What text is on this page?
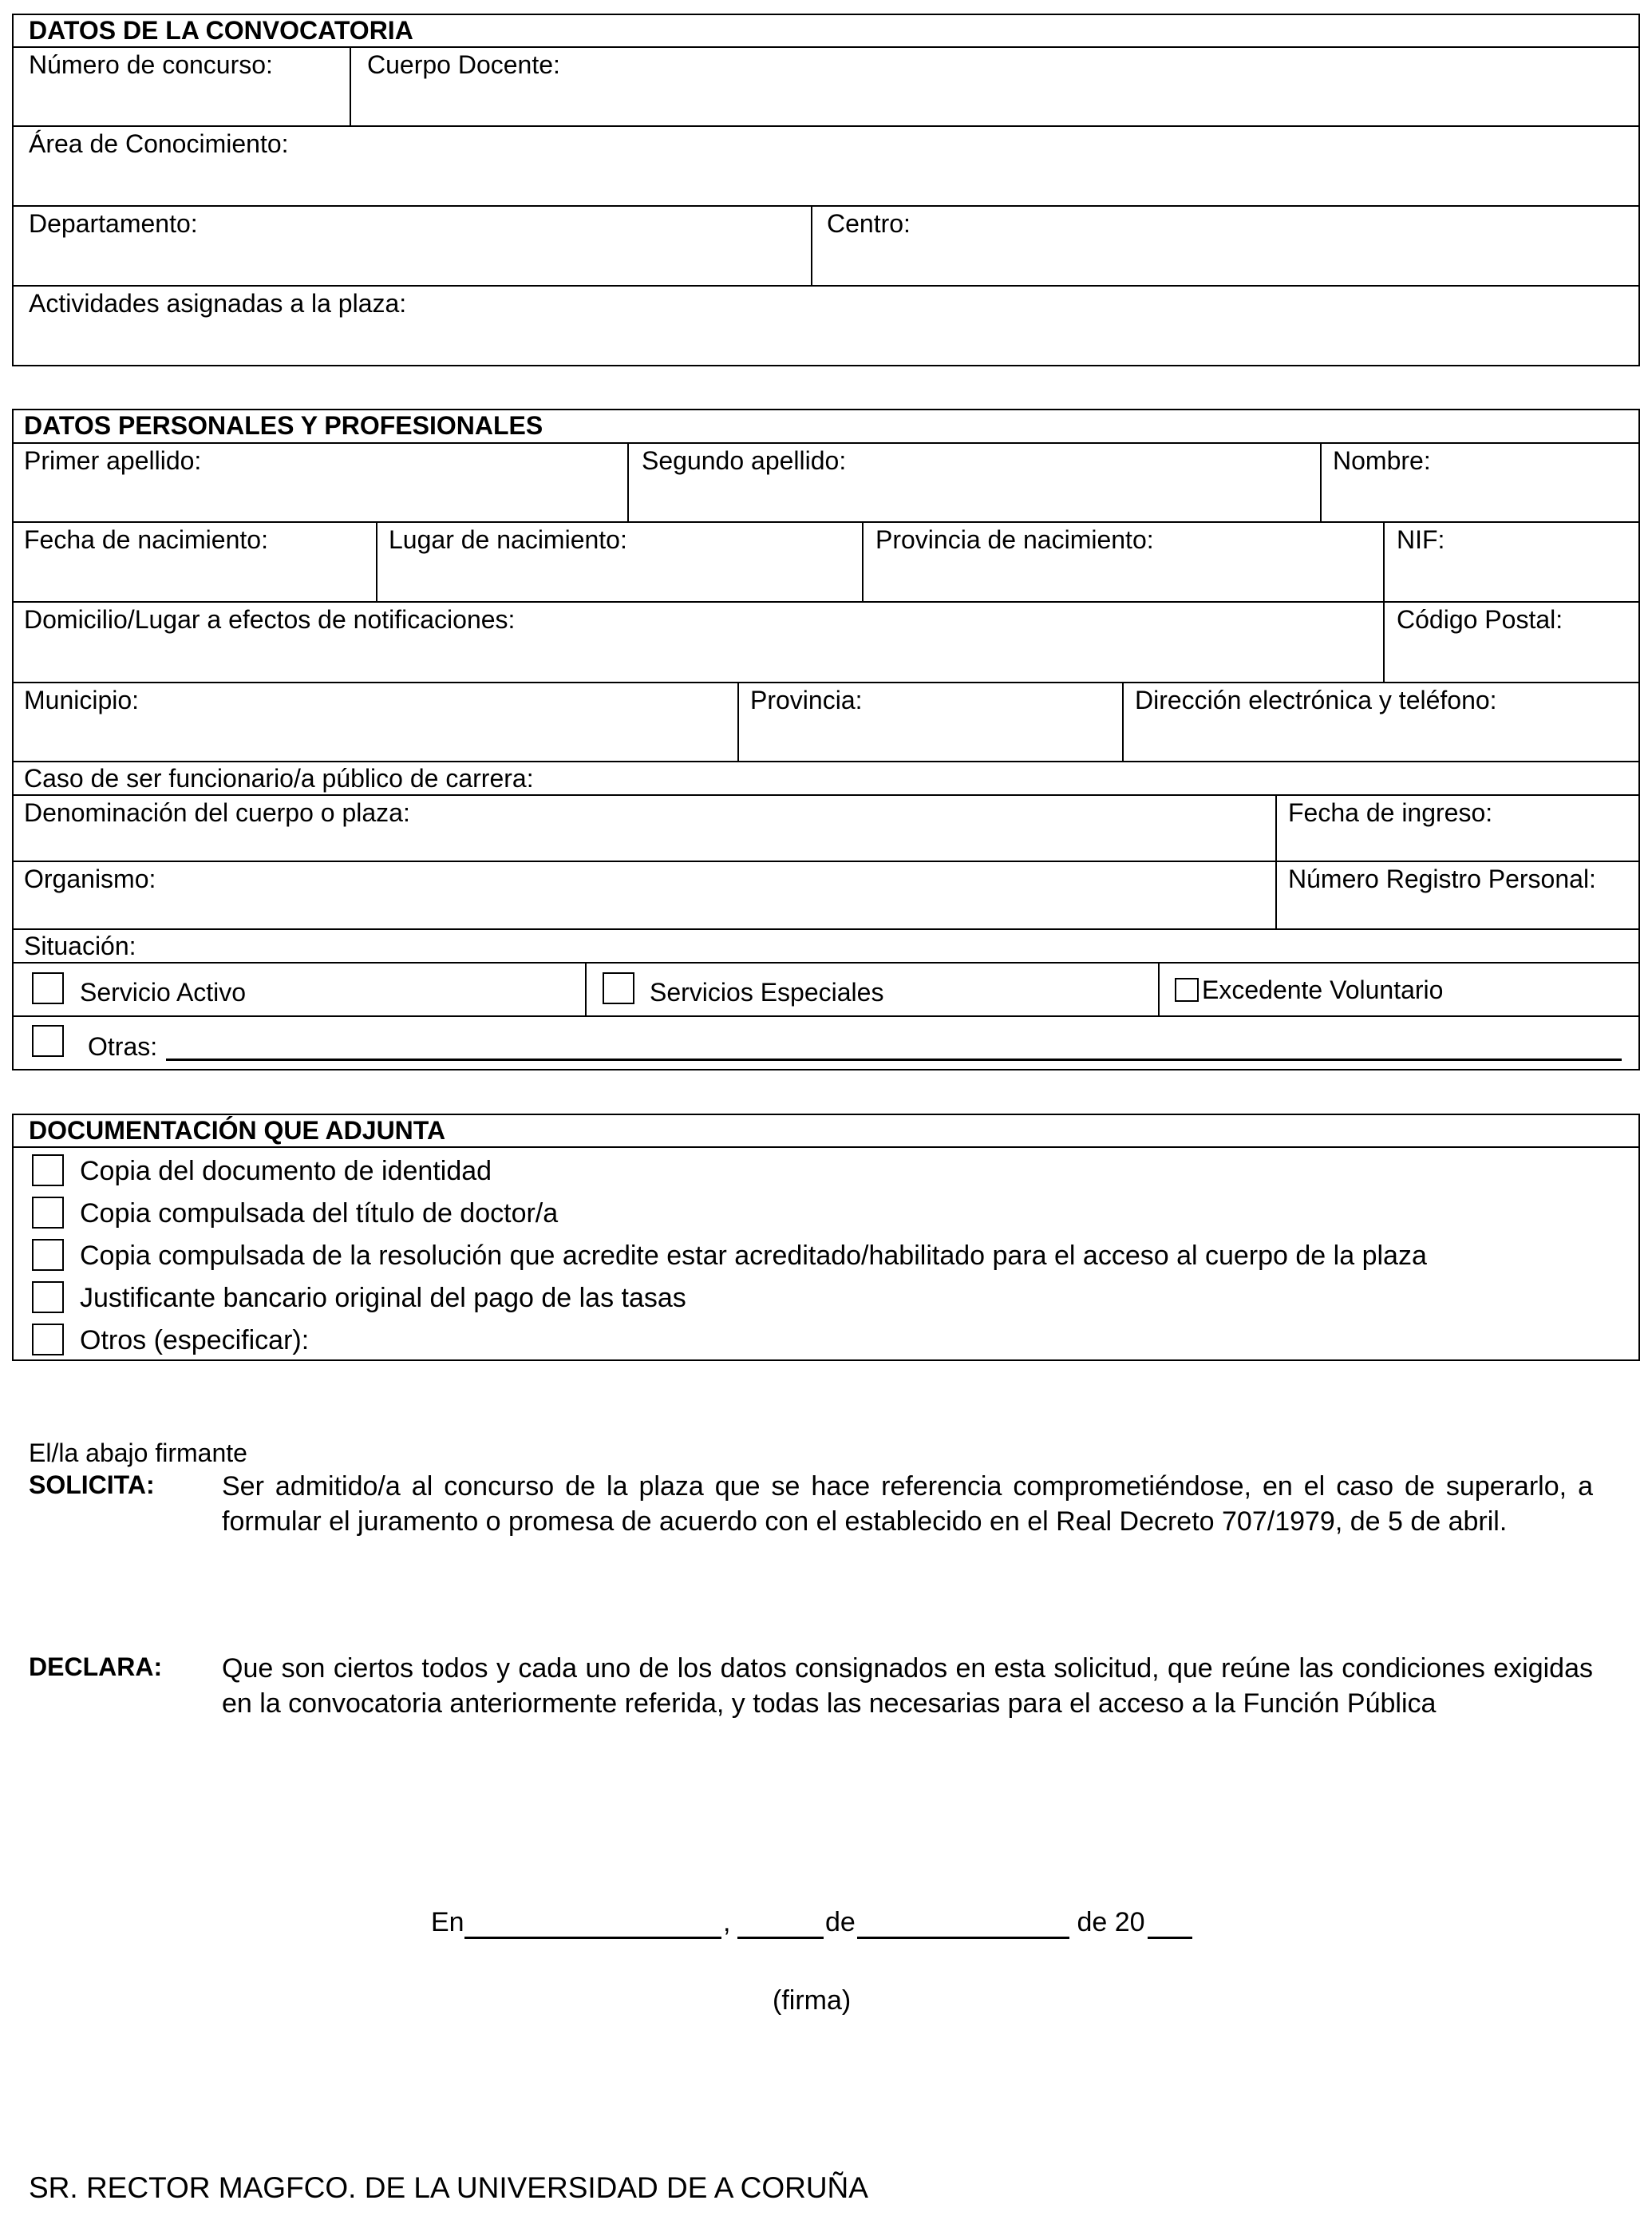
DATOS DE LA CONVOCATORIA
Número de concurso:	Cuerpo Docente:
Área de Conocimiento:
Departamento:	Centro:
Actividades asignadas a la plaza:
DATOS PERSONALES Y PROFESIONALES
Primer apellido:	Segundo apellido:	Nombre:
Fecha de nacimiento:	Lugar de nacimiento:	Provincia de nacimiento:	NIF:
Domicilio/Lugar a efectos de notificaciones:	Código Postal:
Municipio:	Provincia:	Dirección electrónica y teléfono:
Caso de ser funcionario/a público de carrera:
Denominación del cuerpo o plaza:	Fecha de ingreso:
Organismo:	Número Registro Personal:
Situación:
Servicio Activo	Servicios Especiales	Excedente Voluntario
Otras:
DOCUMENTACIÓN QUE ADJUNTA
Copia del documento de identidad
Copia compulsada del título de doctor/a
Copia compulsada de la resolución que acredite estar acreditado/habilitado para el acceso al cuerpo de la plaza
Justificante bancario original del pago de las tasas
Otros (especificar):
El/la abajo firmante
SOLICITA: Ser admitido/a al concurso de la plaza que se hace referencia comprometiéndose, en el caso de superarlo, a formular el juramento o promesa de acuerdo con el establecido en el Real Decreto 707/1979, de 5 de abril.
DECLARA: Que son ciertos todos y cada uno de los datos consignados en esta solicitud, que reúne las condiciones exigidas en la convocatoria anteriormente referida, y todas las necesarias para el acceso a la Función Pública
En	,	de	de 20
(firma)
SR. RECTOR MAGFCO. DE LA UNIVERSIDAD DE A CORUÑA
